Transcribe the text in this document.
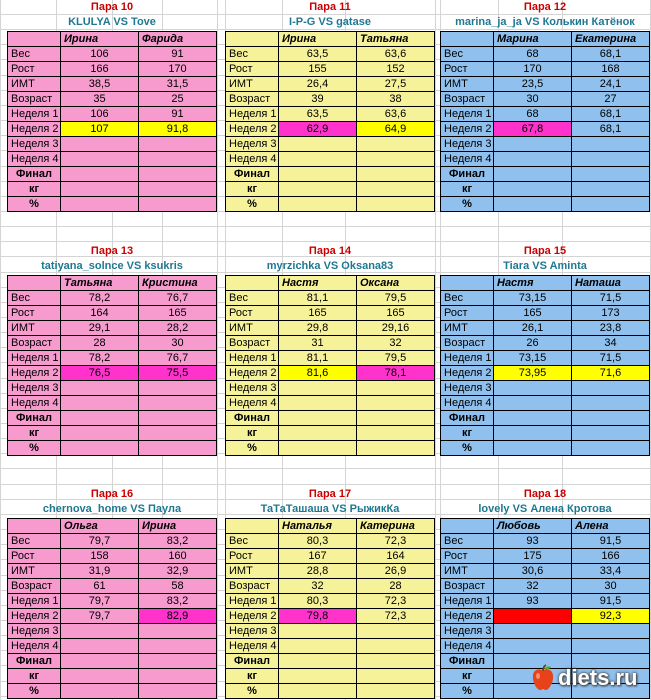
Пара 10
KLULYA VS Tove
	Ирина	Фарида
Вес	106	91
Рост	166	170
ИМТ	38,5	31,5
Возраст	35	25
Неделя 1	106	91
Неделя 2	107	91,8
Неделя 3		
Неделя 4		
Финал		
кг		
%		
Пара 11
I-P-G VS gatase
	Ирина	Татьяна
Вес	63,5	63,6
Рост	155	152
ИМТ	26,4	27,5
Возраст	39	38
Неделя 1	63,5	63,6
Неделя 2	62,9	64,9
Неделя 3		
Неделя 4		
Финал		
кг		
%		
Пара 12
marina_ja_ja VS Колькин Катёнок
	Марина	Екатерина
Вес	68	68,1
Рост	170	168
ИМТ	23,5	24,1
Возраст	30	27
Неделя 1	68	68,1
Неделя 2	67,8	68,1
Неделя 3		
Неделя 4		
Финал		
кг		
%		
Пара 13
tatiyana_solnce VS ksukris
	Татьяна	Кристина
Вес	78,2	76,7
Рост	164	165
ИМТ	29,1	28,2
Возраст	28	30
Неделя 1	78,2	76,7
Неделя 2	76,5	75,5
Неделя 3		
Неделя 4		
Финал		
кг		
%		
Пара 14
myrzichka VS Oksana83
	Настя	Оксана
Вес	81,1	79,5
Рост	165	165
ИМТ	29,8	29,16
Возраст	31	32
Неделя 1	81,1	79,5
Неделя 2	81,6	78,1
Неделя 3		
Неделя 4		
Финал		
кг		
%		
Пара 15
Tiara VS Aminta
	Настя	Наташа
Вес	73,15	71,5
Рост	165	173
ИМТ	26,1	23,8
Возраст	26	34
Неделя 1	73,15	71,5
Неделя 2	73,95	71,6
Неделя 3		
Неделя 4		
Финал		
кг		
%		
Пара 16
chernova_home VS Паула
	Ольга	Ирина
Вес	79,7	83,2
Рост	158	160
ИМТ	31,9	32,9
Возраст	61	58
Неделя 1	79,7	83,2
Неделя 2	79,7	82,9
Неделя 3		
Неделя 4		
Финал		
кг		
%		
Пара 17
ТаТаТашаша VS РыжикКа
	Наталья	Катерина
Вес	80,3	72,3
Рост	167	164
ИМТ	28,8	26,9
Возраст	32	28
Неделя 1	80,3	72,3
Неделя 2	79,8	72,3
Неделя 3		
Неделя 4		
Финал		
кг		
%		
Пара 18
lovely VS Алена Кротова
	Любовь	Алена
Вес	93	91,5
Рост	175	166
ИМТ	30,6	33,4
Возраст	32	30
Неделя 1	93	91,5
Неделя 2		92,3
Неделя 3		
Неделя 4		
Финал		
кг		
%		
diets.ru
